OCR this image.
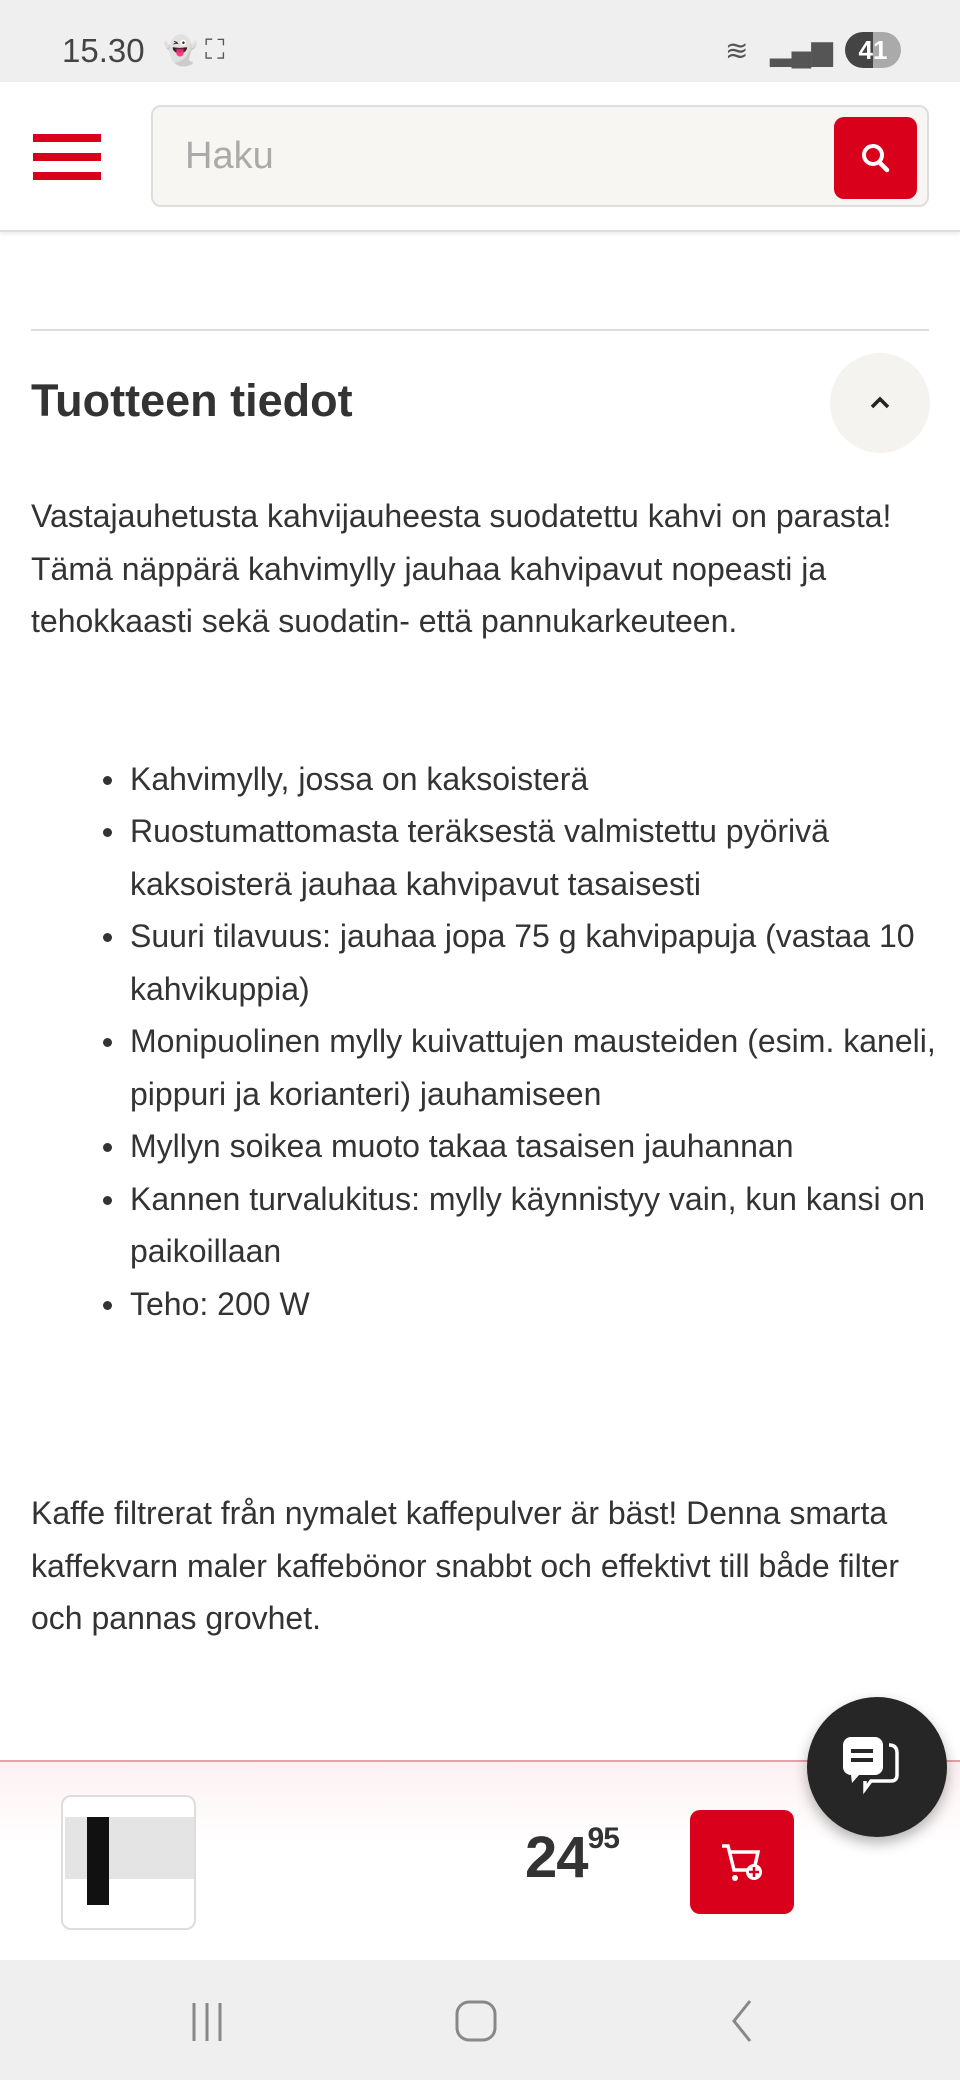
15.30 👻 ⛶	≋ ▂▄▆ 41
Haku
Tuotteen tiedot

Vastajauhetusta kahvijauheesta suodatettu kahvi on parasta! Tämä näppärä kahvimylly jauhaa kahvipavut nopeasti ja tehokkaasti sekä suodatin- että pannukarkeuteen.

Kahvimylly, jossa on kaksoisterä
Ruostumattomasta teräksestä valmistettu pyörivä kaksoisterä jauhaa kahvipavut tasaisesti
Suuri tilavuus: jauhaa jopa 75 g kahvipapuja (vastaa 10 kahvikuppia)
Monipuolinen mylly kuivattujen mausteiden (esim. kaneli, pippuri ja korianteri) jauhamiseen
Myllyn soikea muoto takaa tasaisen jauhannan
Kannen turvalukitus: mylly käynnistyy vain, kun kansi on paikoillaan
Teho: 200 W

Kaffe filtrerat från nymalet kaffepulver är bäst! Denna smarta kaffekvarn maler kaffebönor snabbt och effektivt till både filter och pannas grovhet.

$24^{95}$
